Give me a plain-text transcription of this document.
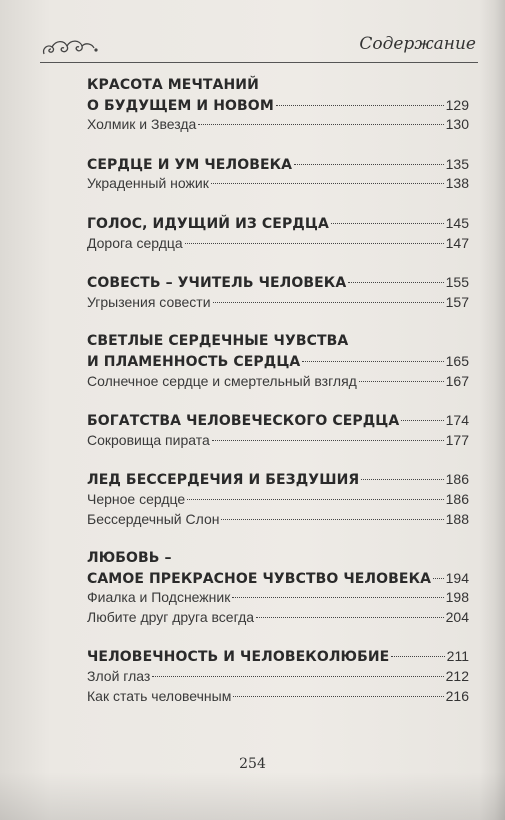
Содержание
КРАСОТА МЕЧТАНИЙ
О БУДУЩЕМ И НОВОМ	129
Холмик и Звезда	130
СЕРДЦЕ И УМ ЧЕЛОВЕКА	135
Украденный ножик	138
ГОЛОС, ИДУЩИЙ ИЗ СЕРДЦА	145
Дорога сердца	147
СОВЕСТЬ – УЧИТЕЛЬ ЧЕЛОВЕКА	155
Угрызения совести	157
СВЕТЛЫЕ СЕРДЕЧНЫЕ ЧУВСТВА
И ПЛАМЕННОСТЬ СЕРДЦА	165
Солнечное сердце и смертельный взгляд	167
БОГАТСТВА ЧЕЛОВЕЧЕСКОГО СЕРДЦА	174
Сокровища пирата	177
ЛЕД БЕССЕРДЕЧИЯ И БЕЗДУШИЯ	186
Черное сердце	186
Бессердечный Слон	188
ЛЮБОВЬ –
САМОЕ ПРЕКРАСНОЕ ЧУВСТВО ЧЕЛОВЕКА 194
Фиалка и Подснежник	198
Любите друг друга всегда	204
ЧЕЛОВЕЧНОСТЬ И ЧЕЛОВЕКОЛЮБИЕ	211
Злой глаз	212
Как стать человечным	216
254
